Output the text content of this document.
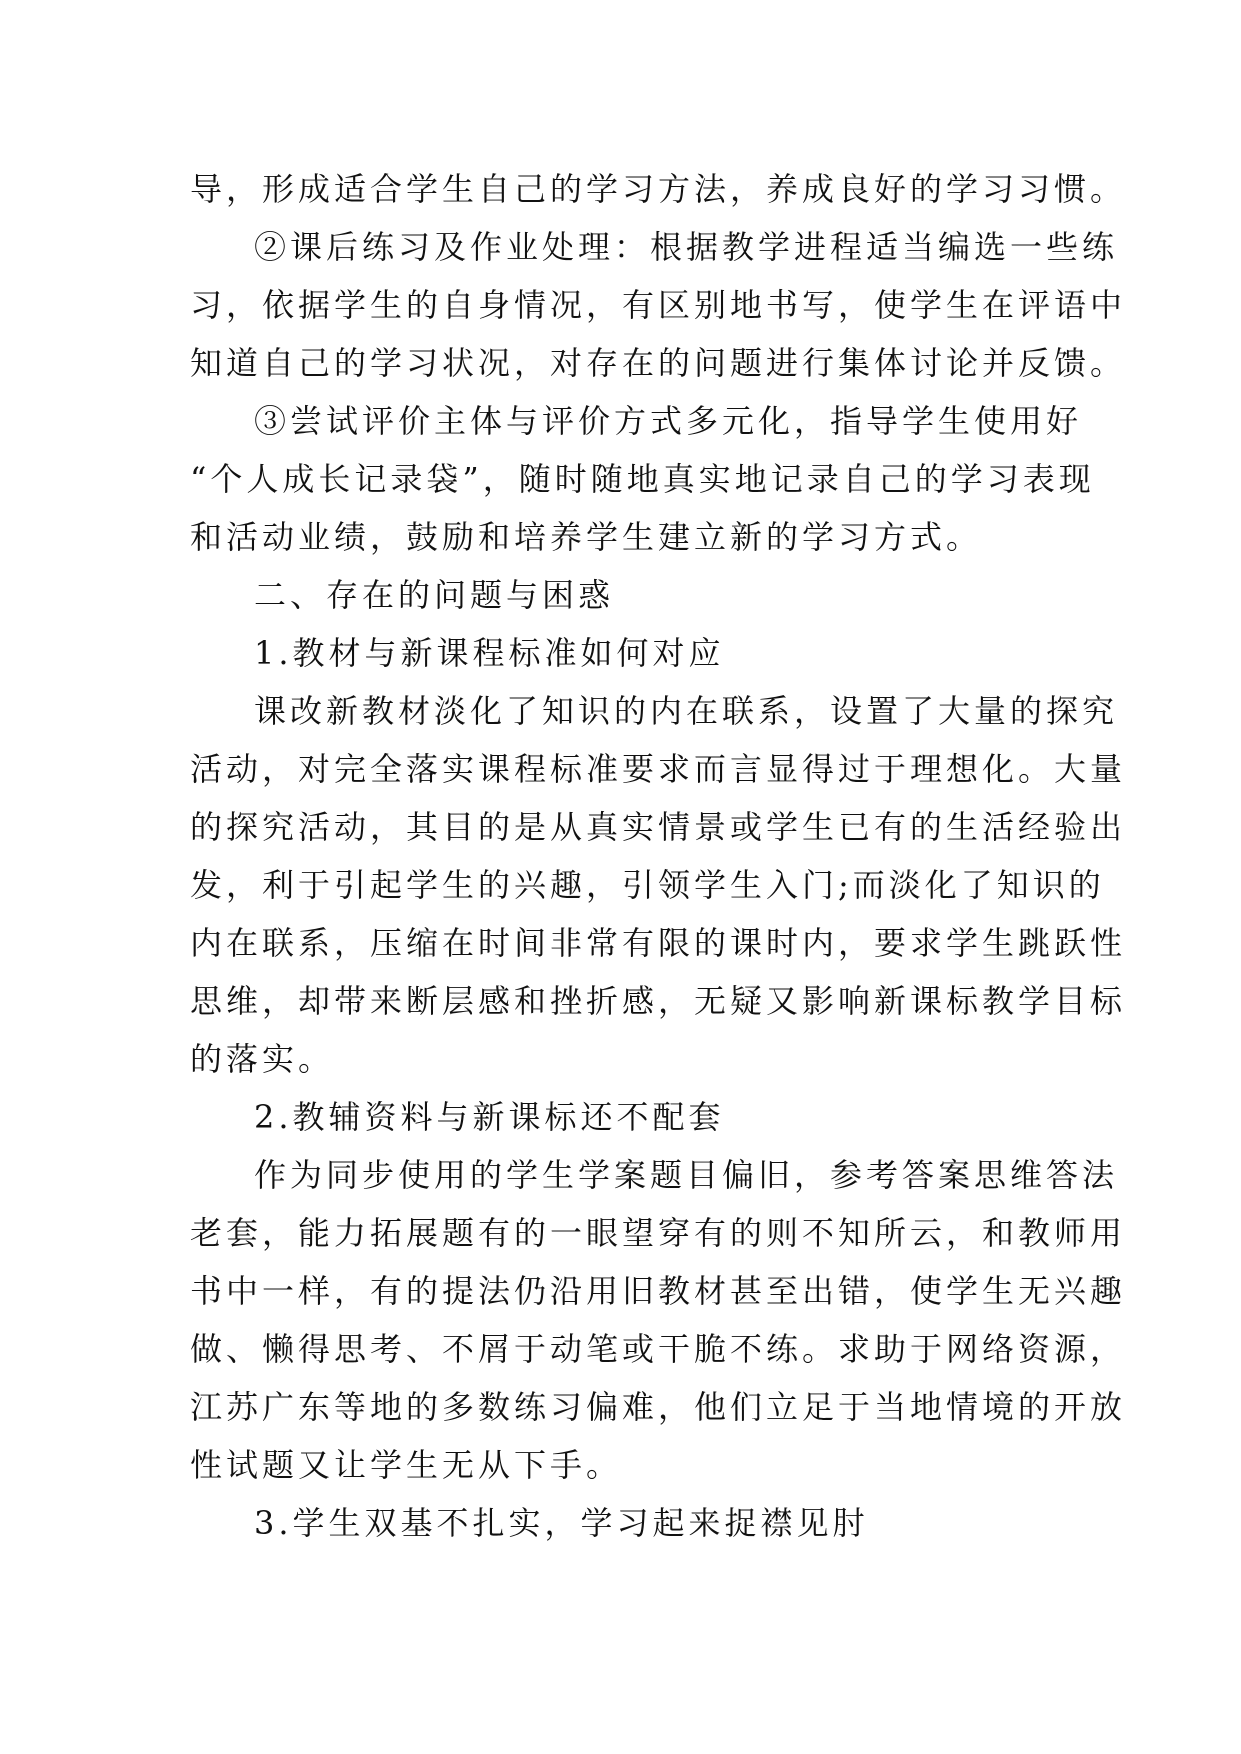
导，形成适合学生自己的学习方法，养成良好的学习习惯。
②课后练习及作业处理：根据教学进程适当编选一些练
习，依据学生的自身情况，有区别地书写，使学生在评语中
知道自己的学习状况，对存在的问题进行集体讨论并反馈。
③尝试评价主体与评价方式多元化，指导学生使用好
“个人成长记录袋”，随时随地真实地记录自己的学习表现
和活动业绩，鼓励和培养学生建立新的学习方式。
二、存在的问题与困惑
1.教材与新课程标准如何对应
课改新教材淡化了知识的内在联系，设置了大量的探究
活动，对完全落实课程标准要求而言显得过于理想化。大量
的探究活动，其目的是从真实情景或学生已有的生活经验出
发，利于引起学生的兴趣，引领学生入门;而淡化了知识的
内在联系，压缩在时间非常有限的课时内，要求学生跳跃性
思维，却带来断层感和挫折感，无疑又影响新课标教学目标
的落实。
2.教辅资料与新课标还不配套
作为同步使用的学生学案题目偏旧，参考答案思维答法
老套，能力拓展题有的一眼望穿有的则不知所云，和教师用
书中一样，有的提法仍沿用旧教材甚至出错，使学生无兴趣
做、懒得思考、不屑于动笔或干脆不练。求助于网络资源，
江苏广东等地的多数练习偏难，他们立足于当地情境的开放
性试题又让学生无从下手。
3.学生双基不扎实，学习起来捉襟见肘
